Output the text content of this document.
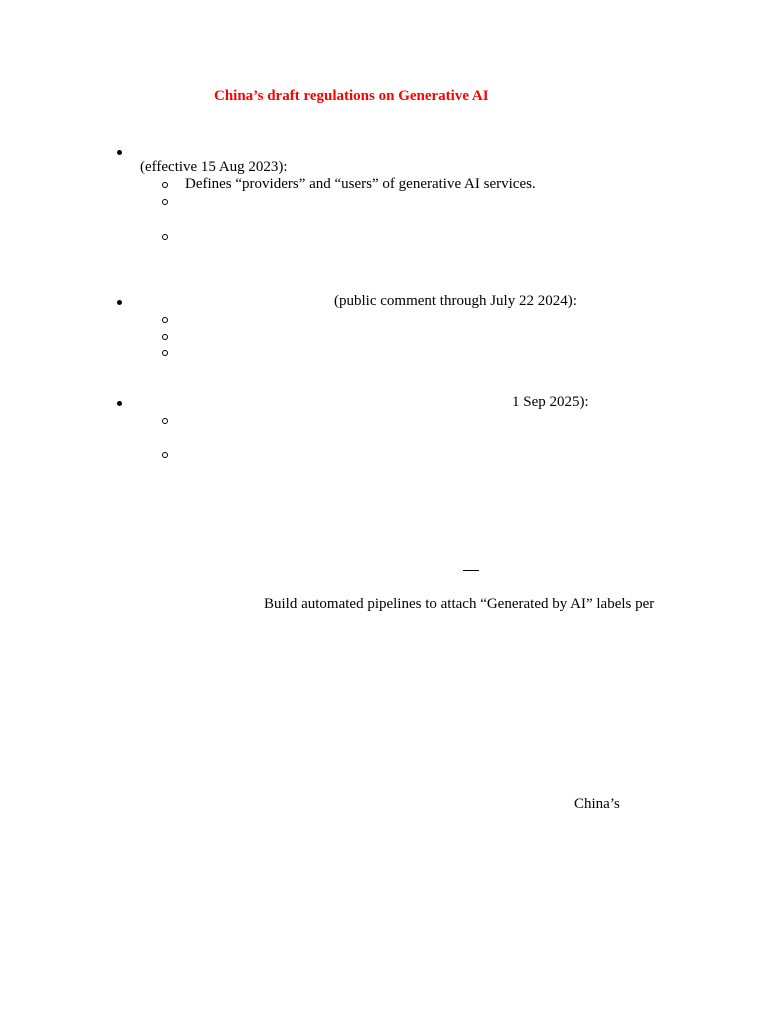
China’s draft regulations on Generative AI
(effective 15 Aug 2023):
Defines “providers” and “users” of generative AI services.
(public comment through July 22 2024):
1 Sep 2025):
Build automated pipelines to attach “Generated by AI” labels per
China’s
